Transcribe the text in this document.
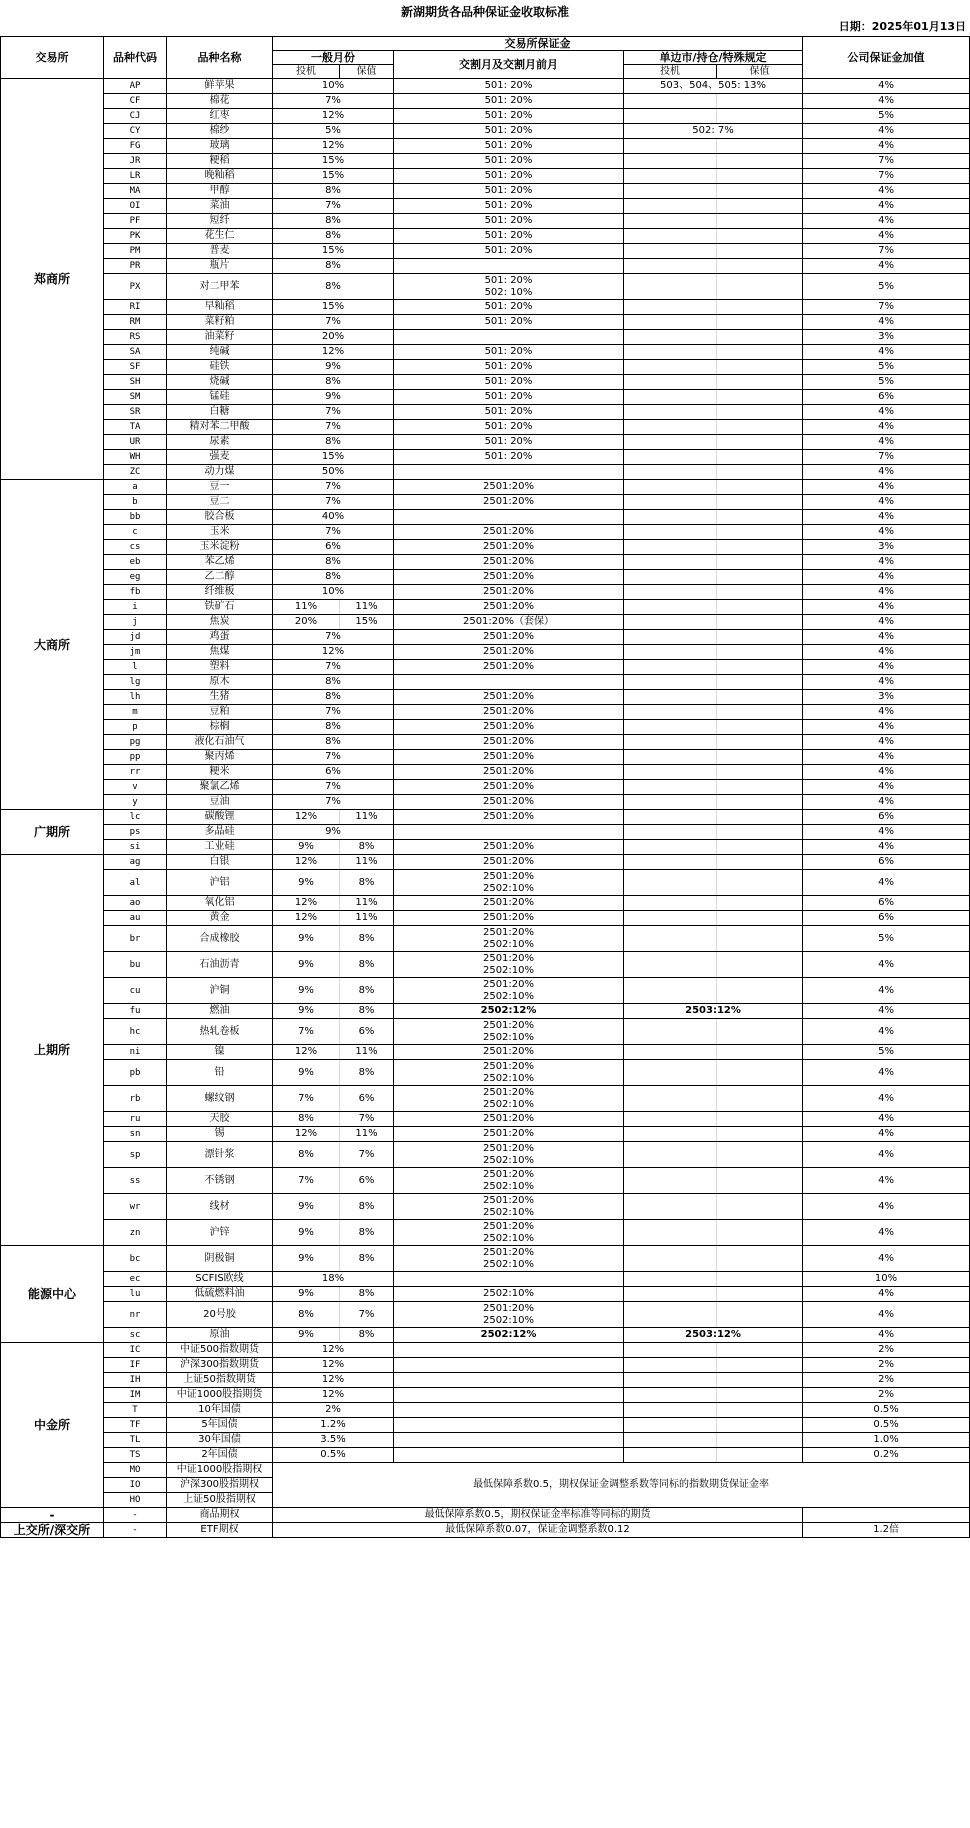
新湖期货各品种保证金收取标准
日期：2025年01月13日
交易所	品种代码	品种名称	交易所保证金					公司保证金加值
			一般月份		交割月及交割月前月	单边市/持仓/特殊规定		
			投机	保值		投机	保值	
郑商所	AP	鲜苹果	10%		501: 20%	503、504、505: 13%		4%
	CF	棉花	7%		501: 20%			4%
	CJ	红枣	12%		501: 20%			5%
	CY	棉纱	5%		501: 20%	502: 7%		4%
	FG	玻璃	12%		501: 20%			4%
	JR	粳稻	15%		501: 20%			7%
	LR	晚籼稻	15%		501: 20%			7%
	MA	甲醇	8%		501: 20%			4%
	OI	菜油	7%		501: 20%			4%
	PF	短纤	8%		501: 20%			4%
	PK	花生仁	8%		501: 20%			4%
	PM	普麦	15%		501: 20%			7%
	PR	瓶片	8%					4%
	PX	对二甲苯	8%		501: 20%
502: 10%			5%
	RI	早籼稻	15%		501: 20%			7%
	RM	菜籽粕	7%		501: 20%			4%
	RS	油菜籽	20%					3%
	SA	纯碱	12%		501: 20%			4%
	SF	硅铁	9%		501: 20%			5%
	SH	烧碱	8%		501: 20%			5%
	SM	锰硅	9%		501: 20%			6%
	SR	白糖	7%		501: 20%			4%
	TA	精对苯二甲酸	7%		501: 20%			4%
	UR	尿素	8%		501: 20%			4%
	WH	强麦	15%		501: 20%			7%
	ZC	动力煤	50%					4%
大商所	a	豆一	7%		2501:20%			4%
	b	豆二	7%		2501:20%			4%
	bb	胶合板	40%					4%
	c	玉米	7%		2501:20%			4%
	cs	玉米淀粉	6%		2501:20%			3%
	eb	苯乙烯	8%		2501:20%			4%
	eg	乙二醇	8%		2501:20%			4%
	fb	纤维板	10%		2501:20%			4%
	i	铁矿石	11%	11%	2501:20%			4%
	j	焦炭	20%	15%	2501:20%（套保）			4%
	jd	鸡蛋	7%		2501:20%			4%
	jm	焦煤	12%		2501:20%			4%
	l	塑料	7%		2501:20%			4%
	lg	原木	8%					4%
	lh	生猪	8%		2501:20%			3%
	m	豆粕	7%		2501:20%			4%
	p	棕榈	8%		2501:20%			4%
	pg	液化石油气	8%		2501:20%			4%
	pp	聚丙烯	7%		2501:20%			4%
	rr	粳米	6%		2501:20%			4%
	v	聚氯乙烯	7%		2501:20%			4%
	y	豆油	7%		2501:20%			4%
广期所	lc	碳酸锂	12%	11%	2501:20%			6%
	ps	多晶硅	9%					4%
	si	工业硅	9%	8%	2501:20%			4%
上期所	ag	白银	12%	11%	2501:20%			6%
	al	沪铝	9%	8%	2501:20%
2502:10%			4%
	ao	氧化铝	12%	11%	2501:20%			6%
	au	黄金	12%	11%	2501:20%			6%
	br	合成橡胶	9%	8%	2501:20%
2502:10%			5%
	bu	石油沥青	9%	8%	2501:20%
2502:10%			4%
	cu	沪铜	9%	8%	2501:20%
2502:10%			4%
	fu	燃油	9%	8%	2502:12%	2503:12%		4%
	hc	热轧卷板	7%	6%	2501:20%
2502:10%			4%
	ni	镍	12%	11%	2501:20%			5%
	pb	铅	9%	8%	2501:20%
2502:10%			4%
	rb	螺纹钢	7%	6%	2501:20%
2502:10%			4%
	ru	天胶	8%	7%	2501:20%			4%
	sn	锡	12%	11%	2501:20%			4%
	sp	漂针浆	8%	7%	2501:20%
2502:10%			4%
	ss	不锈钢	7%	6%	2501:20%
2502:10%			4%
	wr	线材	9%	8%	2501:20%
2502:10%			4%
	zn	沪锌	9%	8%	2501:20%
2502:10%			4%
能源中心	bc	阴极铜	9%	8%	2501:20%
2502:10%			4%
	ec	SCFIS欧线	18%					10%
	lu	低硫燃料油	9%	8%	2502:10%			4%
	nr	20号胶	8%	7%	2501:20%
2502:10%			4%
	sc	原油	9%	8%	2502:12%	2503:12%		4%
中金所	IC	中证500指数期货	12%					2%
	IF	沪深300指数期货	12%					2%
	IH	上证50指数期货	12%					2%
	IM	中证1000股指期货	12%					2%
	T	10年国债	2%					0.5%
	TF	5年国债	1.2%					0.5%
	TL	30年国债	3.5%					1.0%
	TS	2年国债	0.5%					0.2%
	MO	中证1000股指期权	最低保障系数0.5，期权保证金调整系数等同标的指数期货保证金率					
	IO	沪深300股指期权						
	HO	上证50股指期权						
-	-	商品期权	最低保障系数0.5，期权保证金率标准等同标的期货					
上交所/深交所	-	ETF期权	最低保障系数0.07，保证金调整系数0.12					1.2倍
